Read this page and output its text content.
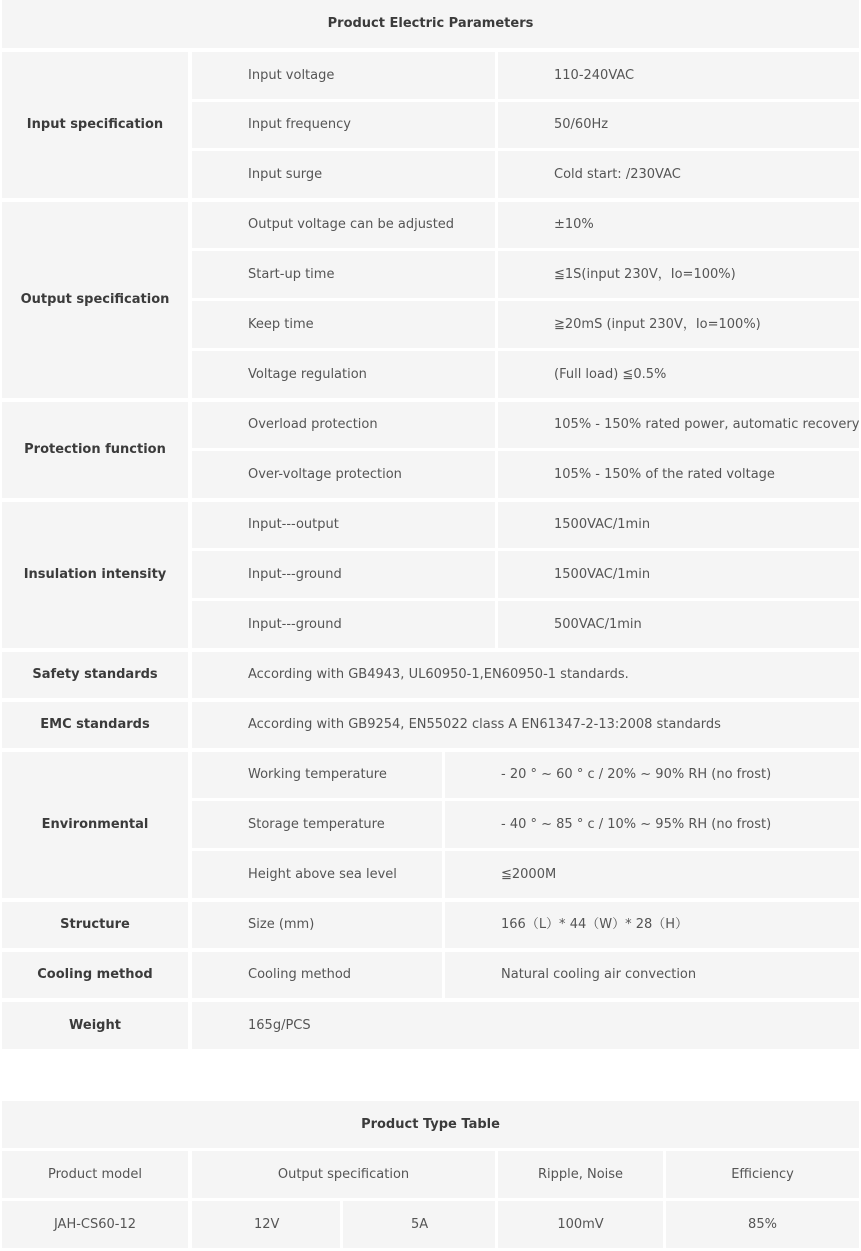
Product Electric Parameters
Input specification
Input voltage	110-240VAC
Input frequency	50/60Hz
Input surge	Cold start: /230VAC
Output specification
Output voltage can be adjusted	±10%
Start-up time	≦1S(input 230V，Io=100%)
Keep time	≧20mS (input 230V，Io=100%)
Voltage regulation	(Full load) ≦0.5%
Protection function
Overload protection	105% - 150% rated power, automatic recovery
Over-voltage protection	105% - 150% of the rated voltage
Insulation intensity
Input---output	1500VAC/1min
Input---ground	1500VAC/1min
Input---ground	500VAC/1min
Safety standards	According with GB4943, UL60950-1,EN60950-1 standards.
EMC standards	According with GB9254, EN55022 class A EN61347-2-13:2008 standards
Environmental
Working temperature	- 20 ° ~ 60 ° c / 20% ~ 90% RH (no frost)
Storage temperature	- 40 ° ~ 85 ° c / 10% ~ 95% RH (no frost)
Height above sea level	≦2000M
Structure	Size (mm)	166（L）* 44（W）* 28（H）
Cooling method	Cooling method	Natural cooling air convection
Weight	165g/PCS
Product Type Table
Product model	Output specification	Ripple, Noise	Efficiency
JAH-CS60-12	12V	5A	100mV	85%
